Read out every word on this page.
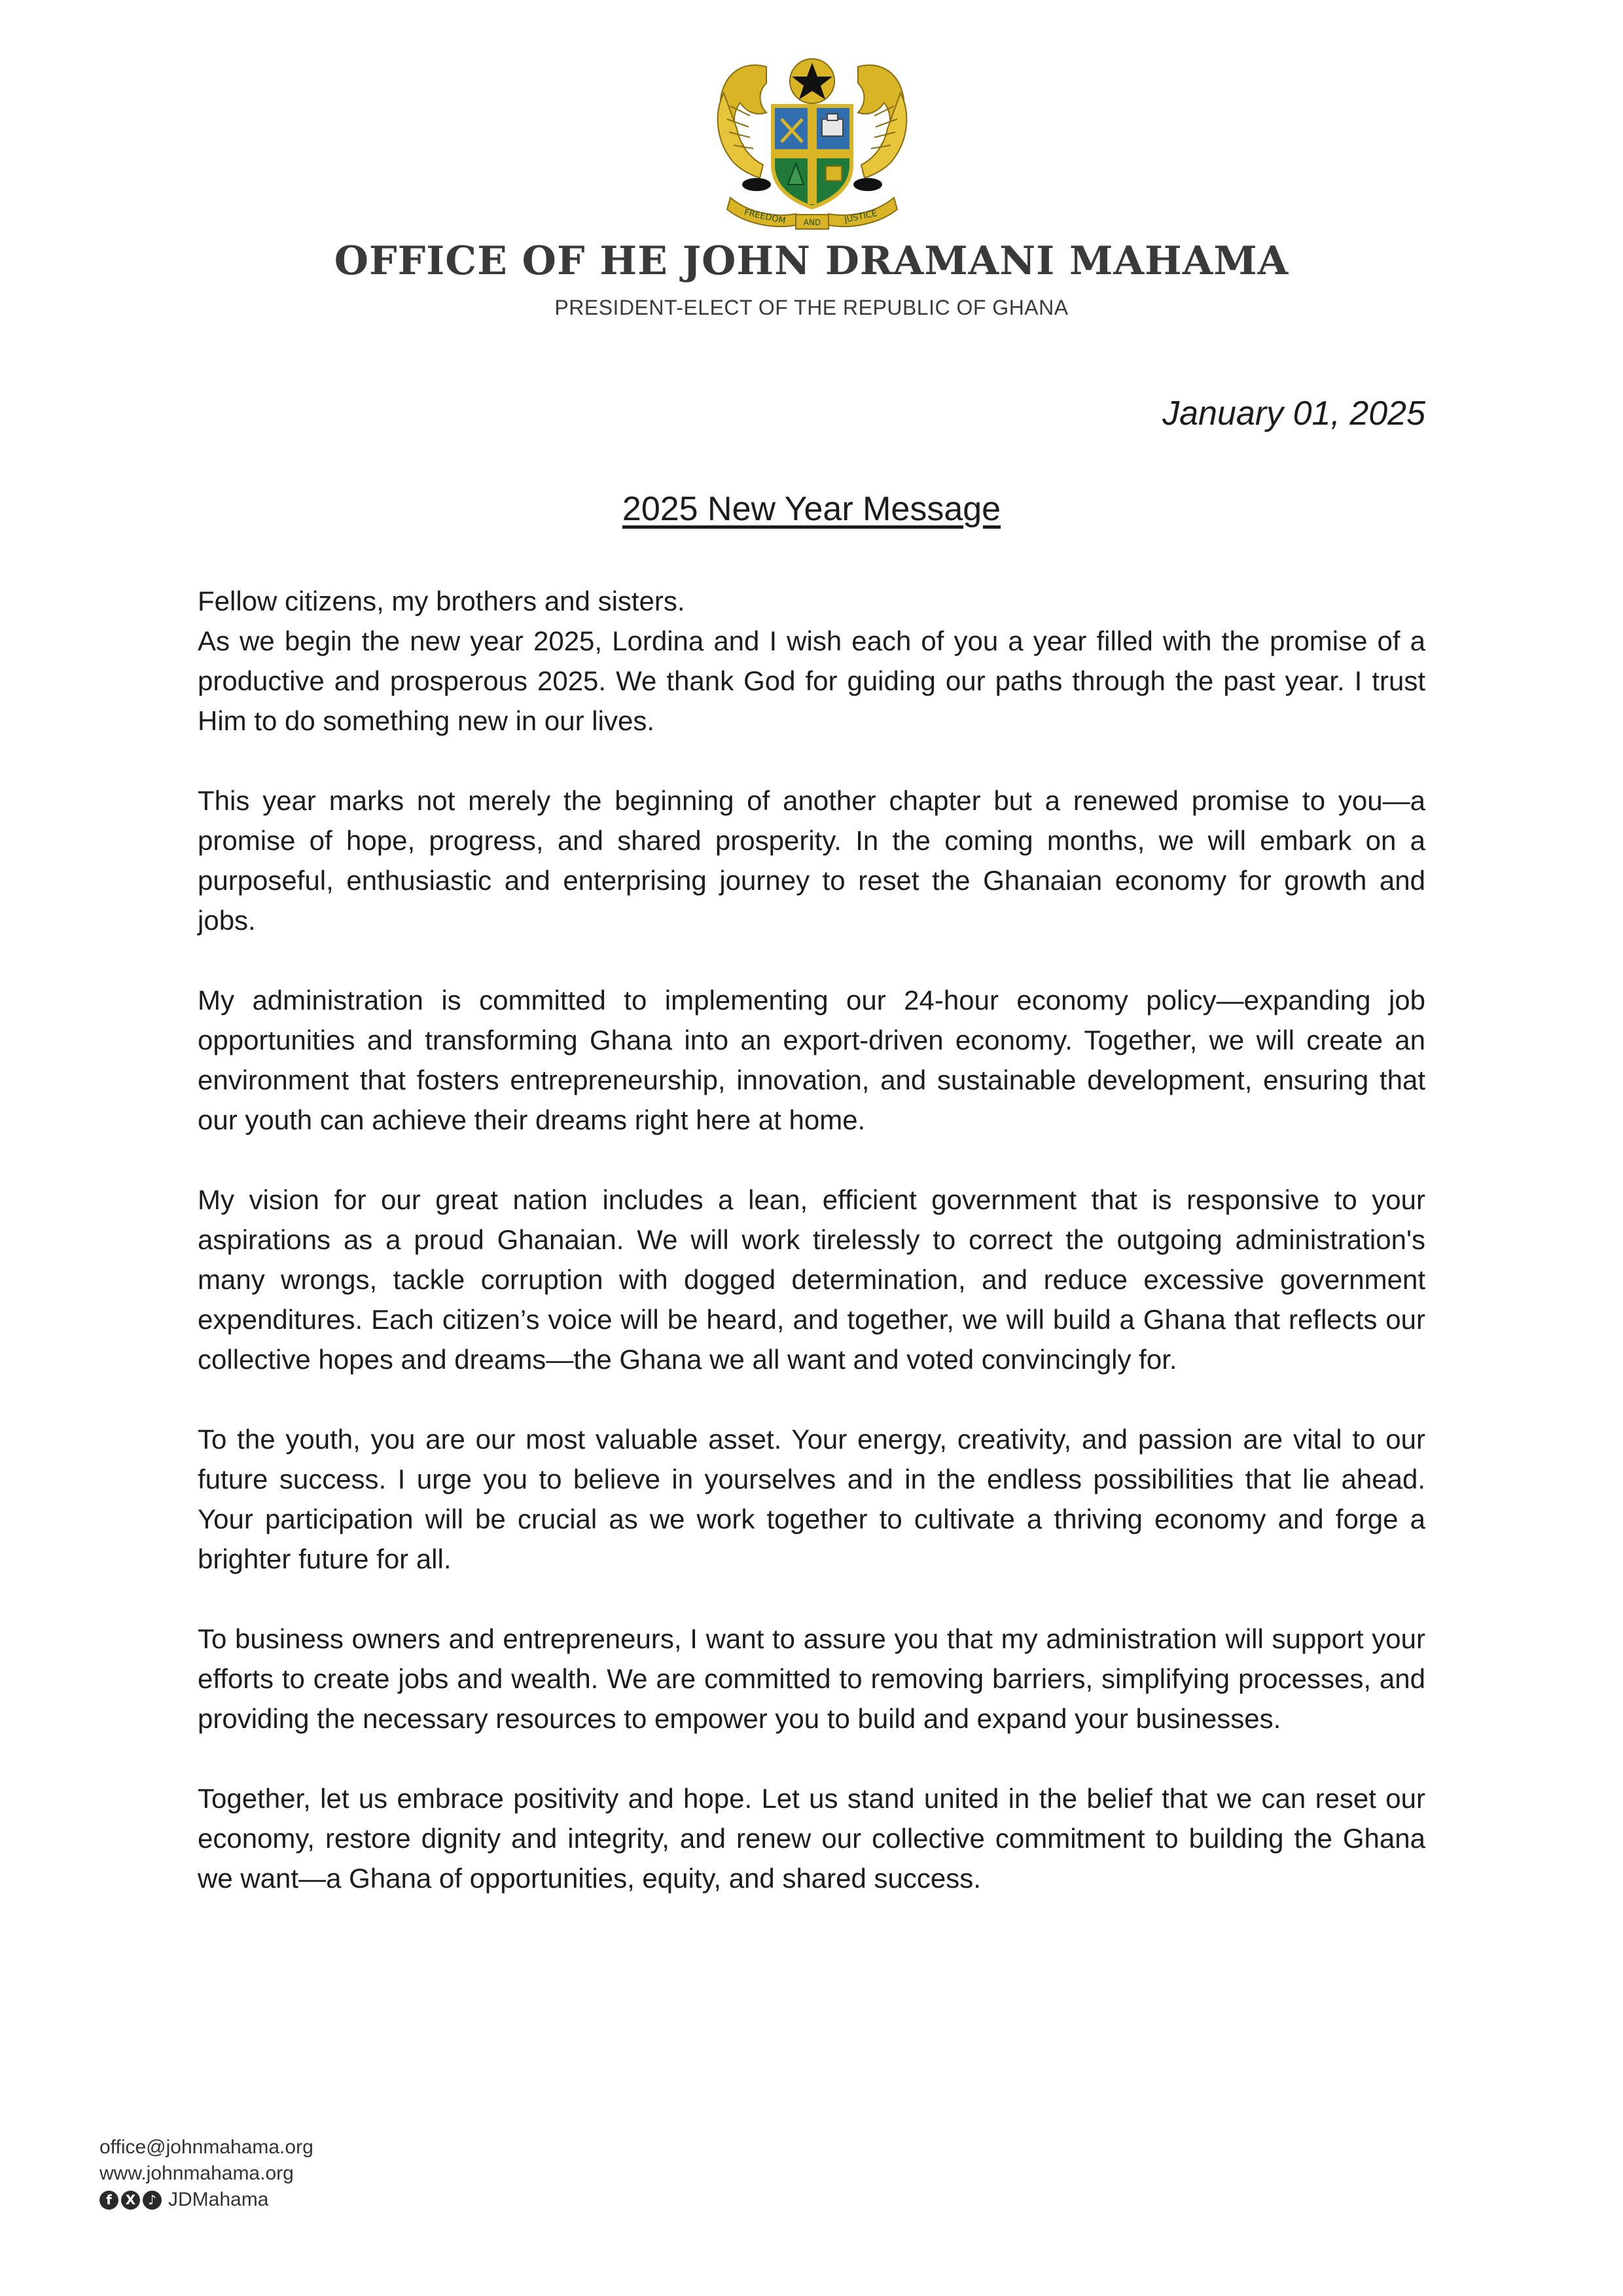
FREEDOM AND	JUSTICE
OFFICE OF HE JOHN DRAMANI MAHAMA
PRESIDENT-ELECT OF THE REPUBLIC OF GHANA
January 01, 2025
2025 New Year Message

Fellow citizens, my brothers and sisters.

As we begin the new year 2025, Lordina and I wish each of you a year filled with the promise of a productive and prosperous 2025. We thank God for guiding our paths through the past year. I trust Him to do something new in our lives.

This year marks not merely the beginning of another chapter but a renewed promise to you—a promise of hope, progress, and shared prosperity. In the coming months, we will embark on a purposeful, enthusiastic and enterprising journey to reset the Ghanaian economy for growth and jobs.

My administration is committed to implementing our 24-hour economy policy—expanding job opportunities and transforming Ghana into an export-driven economy. Together, we will create an environment that fosters entrepreneurship, innovation, and sustainable development, ensuring that our youth can achieve their dreams right here at home.

My vision for our great nation includes a lean, efficient government that is responsive to your aspirations as a proud Ghanaian. We will work tirelessly to correct the outgoing administration's many wrongs, tackle corruption with dogged determination, and reduce excessive government expenditures. Each citizen’s voice will be heard, and together, we will build a Ghana that reflects our collective hopes and dreams—the Ghana we all want and voted convincingly for.

To the youth, you are our most valuable asset. Your energy, creativity, and passion are vital to our future success. I urge you to believe in yourselves and in the endless possibilities that lie ahead. Your participation will be crucial as we work together to cultivate a thriving economy and forge a brighter future for all.

To business owners and entrepreneurs, I want to assure you that my administration will support your efforts to create jobs and wealth. We are committed to removing barriers, simplifying processes, and providing the necessary resources to empower you to build and expand your businesses.

Together, let us embrace positivity and hope. Let us stand united in the belief that we can reset our economy, restore dignity and integrity, and renew our collective commitment to building the Ghana we want—a Ghana of opportunities, equity, and shared success.

office@johnmahama.org
www.johnmahama.org
f	X ♪ JDMahama
